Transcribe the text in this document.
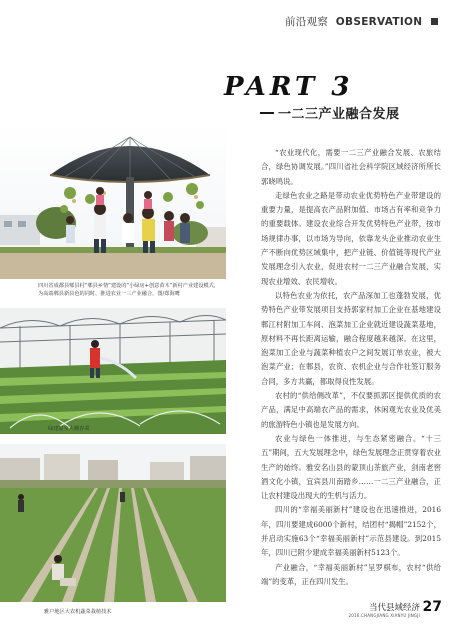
前沿观察 OBSERVATION
PART 3
一二三产业融合发展
四川省成都县郫县村“郫县乡情”建设的“小绿房+创意苗木”新村产业建设模式，为高端郫县新县色的同时，推进农业一三产业融合，图/郑海鹰
绿建温室大棚春菜
雅户地区大农机蔬菜栽植技术

“农业现代化，需要一二三产业融合发展、农旅结合，绿色协调发展。”四川省社会科学院区域经济所所长郭晓鸣说。

走绿色农业之路是带动农业优势特色产业带建设的重要力量，是提高农产品附加值、市场占有率和竞争力的重要载体。建设农业综合开发优势特色产业带，按市场规律办事，以市场为导向，依靠龙头企业推动农业生产不断向优势区域集中，把产业链、价值链等现代产业发展理念引入农业，促进农村一二三产业融合发展，实现农业增效、农民增收。

以特色农业为依托，农产品深加工也蓬勃发展，优势特色产业带发展项目支持郭家村加工企业在基地建设郫江村附加工车间、泡菜加工企业就近建设蔬菜基地，原材料不再长距离运输，融合程度越来越深。在这里，泡菜加工企业与蔬菜种植农户之间发展订单农业，被大泡菜产业；在郫县，农资、农机企业与合作社签订服务合同，多方共赢，都取得良性发展。

农村的“供给侧改革”，不仅要抓郭区提供优质的农产品，满足中高端农产品的需求，休闲观光农业及优美的旅游特色小镇也是发展方向。

农业与绿色一体推进，与生态紧密融合。“十三五”期间，五大发展理念中，绿色发展理念正贯穿着农业生产的始终。雅安名山县的蒙顶山茶旅产业，剑南老窖酒文化小镇，宜宾县川南踏乡……一二三产业融合，正让农村建设出现大的生机与活力。

四川的“幸福美丽新村”建设也在迅速推进，2016年，四川要建成6000个新村，结团村“揭帽”2152个，并启动实施63个“幸福美丽新村”示范县建设。到2015年，四川已附少建成幸福美丽新村5123个。

产业融合，“幸福美丽新村”呈罗棋布，农村“供给端”的变革，正在四川发生。

当代县域经济
2016.CHANGJIANG XIANYU JINGJI
27
